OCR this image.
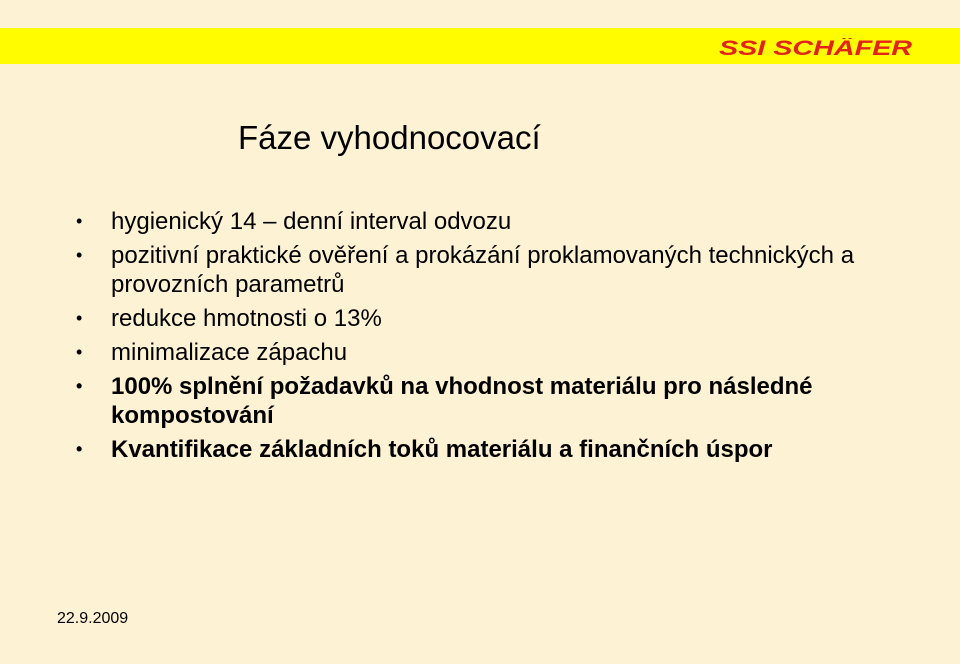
SSI SCHÄFER
Fáze vyhodnocovací
• hygienický 14 – denní interval odvozu
• pozitivní praktické ověření a prokázání proklamovaných technických a provozních parametrů
• redukce hmotnosti o 13%
• minimalizace zápachu
• 100% splnění požadavků na vhodnost materiálu pro následné kompostování
• Kvantifikace základních toků materiálu a finančních úspor
22.9.2009
